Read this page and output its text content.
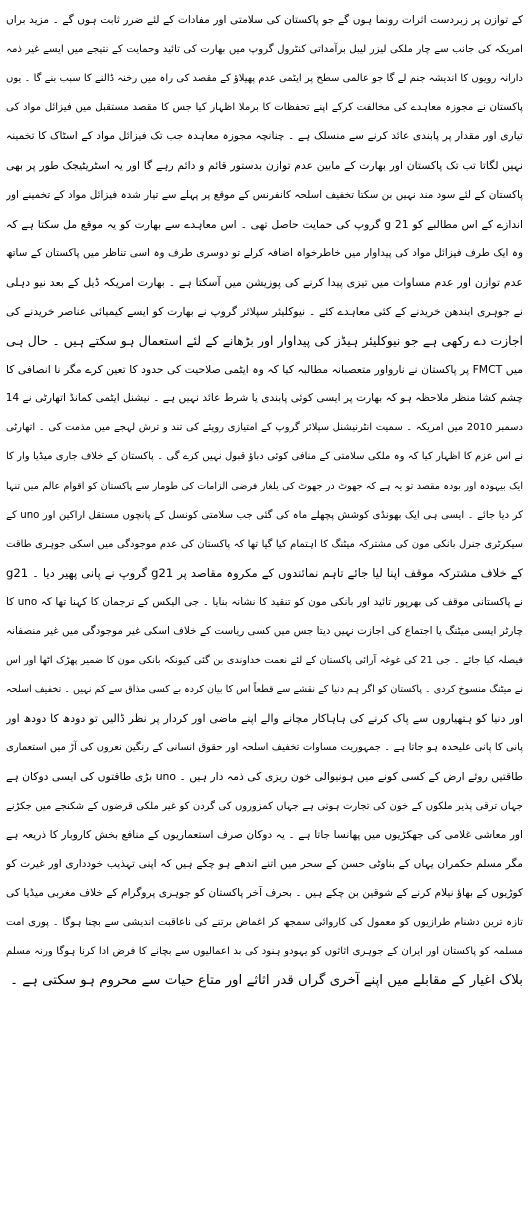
کے توازن پر زبردست اثرات رونما ہوں گے جو پاکستان کی سلامتی اور مفادات کے لئے ضرر ثابت ہوں گے ۔ مزید براں
امریکہ کی جانب سے چار ملکی لیزر لیبل برآمداتی کنٹرول گروپ میں بھارت کی تائید وحمایت کے نتیجے میں ایسے غیر ذمہ
دارانہ رویوں کا اندیشہ جنم لے گا جو عالمی سطح پر ایٹمی عدم پھیلاؤ کے مقصد کی راہ میں رخنہ ڈالنے کا سبب بنے گا ۔ یوں
پاکستان نے مجوزہ معاہدے کی مخالفت کرکے اپنے تحفظات کا برملا اظہار کیا جس کا مقصد مستقبل میں فیزائل مواد کی
تیاری اور مقدار پر پابندی عائد کرنے سے منسلک ہے ۔ چنانچہ مجوزہ معاہدہ جب تک فیزائل مواد کے اسٹاک کا تخمینہ
نہیں لگاتا تب تک پاکستان اور بھارت کے مابین عدم توازن بدستور قائم و دائم رہے گا اور یہ اسٹریٹیجک طور پر بھی
پاکستان کے لئے سود مند نہیں بن سکتا تخفیف اسلحہ کانفرنس کے موقع پر پہلے سے تیار شدہ فیزائل مواد کے تخمینے اور
اندازے کے اس مطالبے کو 21 g گروپ کی حمایت حاصل تھی ۔ اس معاہدے سے بھارت کو یہ موقع مل سکتا ہے کہ
وہ ایک طرف فیزائل مواد کی پیداوار میں خاطرخواہ اضافہ کرلے تو دوسری طرف وہ اسی تناظر میں پاکستان کے ساتھ
عدم توازن اور عدم مساوات میں تیزی پیدا کرنے کی پوزیشن میں آسکتا ہے ۔ بھارت امریکہ ڈیل کے بعد نیو دہلی
نے جوہری ایندھن خریدنے کے کئی معاہدے کئے ۔ نیوکلیئر سپلائر گروپ نے بھارت کو ایسے کیمیائی عناصر خریدنے کی
اجازت دے رکھی ہے جو نیوکلیئر ہیڈز کی پیداوار اور بڑھانے کے لئے استعمال ہو سکتے ہیں ۔ حال ہی
میں FMCT پر پاکستان نے نارواور متعصبانہ مطالبہ کیا کہ وہ ایٹمی صلاحیت کی حدود کا تعین کرے مگر نا انصافی کا
چشم کشا منظر ملاحظہ ہو کہ بھارت پر ایسی کوئی پابندی یا شرط عائد نہیں ہے ۔ نیشنل ایٹمی کمانڈ اتھارٹی نے 14
دسمبر 2010 میں امریکہ ۔ سمیت انٹرنیشنل سپلائر گروپ کے امتیازی رویئے کی تند و ترش لہجے میں مذمت کی ۔ اتھارٹی
نے اس عزم کا اظہار کیا کہ وہ ملکی سلامتی کے منافی کوئی دباؤ قبول نہیں کرے گی ۔ پاکستان کے خلاف جاری میڈیا وار کا
ایک بیہودہ اور بودہ مقصد تو یہ ہے کہ جھوٹ در جھوٹ کی یلغار فرضی الزامات کی طومار سے پاکستان کو اقوام عالم میں تنہا
کر دیا جائے ۔ ایسی ہی ایک بھونڈی کوشش پچھلے ماہ کی گئی جب سلامتی کونسل کے پانچوں مستقل اراکین اور uno کے
سیکرٹری جنرل بانکی مون کی مشترکہ میٹنگ کا اہتمام کیا گیا تھا کہ پاکستان کی عدم موجودگی میں اسکی جوہری طاقت
کے خلاف مشترکہ موقف اپنا لیا جائے تاہم نمائندوں کے مکروہ مقاصد پر g21 گروپ نے پانی پھیر دیا ۔ g21
نے پاکستانی موقف کی بھرپور تائید اور بانکی مون کو تنقید کا نشانہ بنایا ۔ جی الیکس کے ترجمان کا کہنا تھا کہ uno کا
چارٹر ایسی میٹنگ یا اجتماع کی اجازت نہیں دیتا جس میں کسی ریاست کے خلاف اسکی غیر موجودگی میں غیر منصفانہ
فیصلہ کیا جائے ۔ جی 21 کی غوغہ آرائی پاکستان کے لئے نعمت خداوندی بن گئی کیونکہ بانکی مون کا ضمیر پھڑک اٹھا اور اس
نے میٹنگ منسوخ کردی ۔ پاکستان کو اگر ہم دنیا کے نقشے سے قطعاً اس کا بیان کردہ بے کسی مذاق سے کم نہیں ۔ تخفیف اسلحہ
اور دنیا کو ہتھیاروں سے پاک کرنے کی ہاہاکار مچانے والے اپنے ماضی اور کردار پر نظر ڈالیں تو دودھ کا دودھ اور
پانی کا پانی علیحدہ ہو جاتا ہے ۔ جمہوریت مساوات تخفیف اسلحہ اور حقوق انسانی کے رنگین نعروں کی آڑ میں استعماری
طاقتیں روئے ارض کے کسی کونے میں ہونیوالی خون ریزی کی ذمہ دار ہیں ۔ uno بڑی طاقتوں کی ایسی دوکان ہے
جہاں ترقی پذیر ملکوں کے خون کی تجارت ہوتی ہے جہاں کمزوروں کی گردن کو غیر ملکی قرضوں کے شکنجے میں جکڑنے
اور معاشی غلامی کی جھکڑیوں میں پھانسا جاتا ہے ۔ یہ دوکان صرف استعماریوں کے منافع بخش کاروبار کا ذریعہ ہے
مگر مسلم حکمران یہاں کے بناوٹی حسن کے سحر میں اتنے اندھے ہو چکے ہیں کہ اپنی تہذیب خودداری اور غیرت کو
کوڑیوں کے بھاؤ نیلام کرنے کے شوقین بن چکے ہیں ۔ بحرف آخر پاکستان کو جوہری پروگرام کے خلاف مغربی میڈیا کی
تازہ ترین دشنام طرازیوں کو معمول کی کاروائی سمجھ کر اغماض برتنے کی ناعاقبت اندیشی سے بچنا ہوگا ۔ پوری امت
مسلمہ کو پاکستان اور ایران کے جوہری اثاثوں کو یہودو ہنود کی بد اعمالیوں سے بچانے کا فرض ادا کرنا ہوگا ورنہ مسلم
بلاک اغیار کے مقابلے میں اپنے آخری گراں قدر اثاثے اور متاع حیات سے محروم ہو سکتی ہے ۔
